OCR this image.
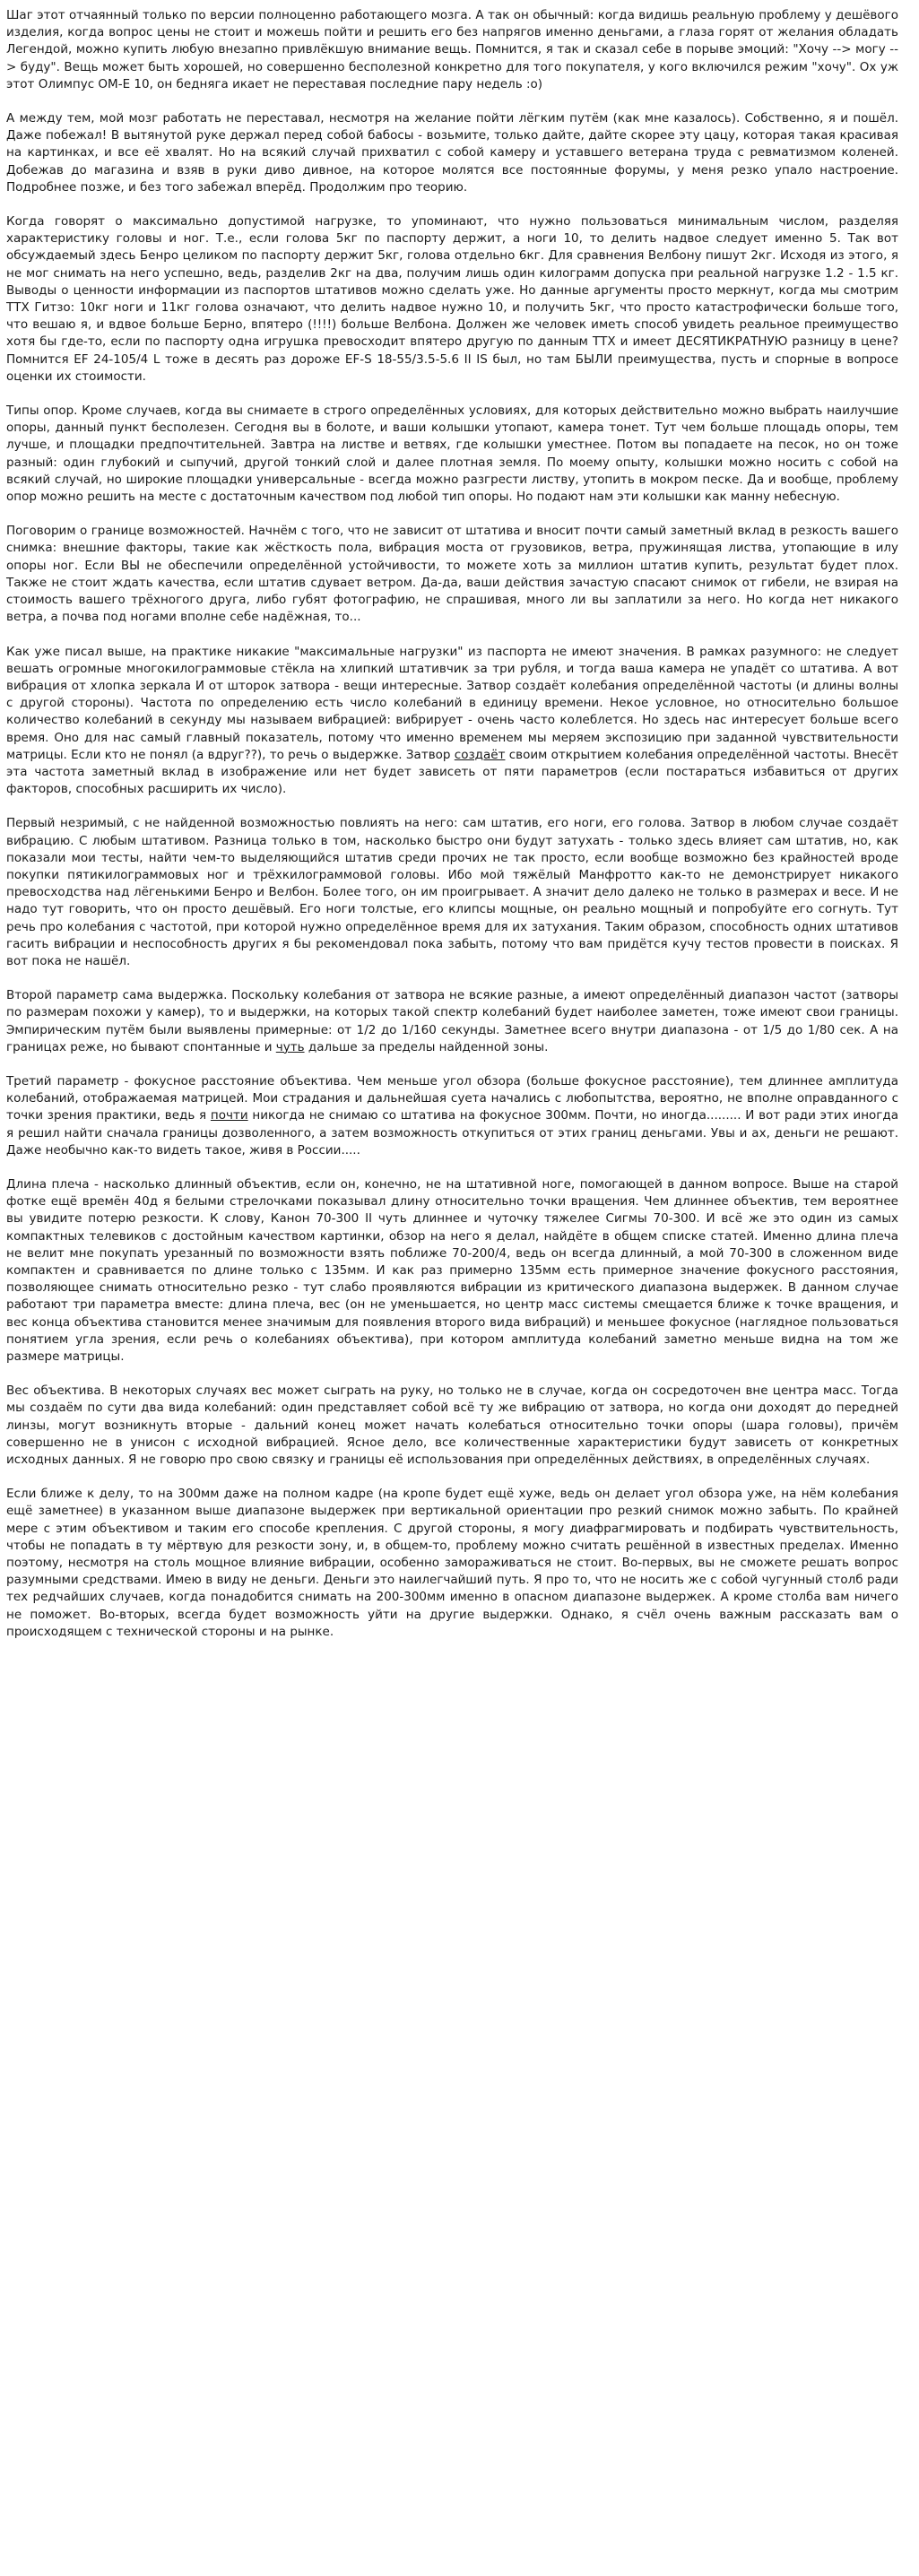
Шаг этот отчаянный только по версии полноценно работающего мозга. А так он обычный: когда видишь реальную проблему у дешёвого изделия, когда вопрос цены не стоит и можешь пойти и решить его без напрягов именно деньгами, а глаза горят от желания обладать Легендой, можно купить любую внезапно привлёкшую внимание вещь. Помнится, я так и сказал себе в порыве эмоций: "Хочу --> могу --> буду". Вещь может быть хорошей, но совершенно бесполезной конкретно для того покупателя, у кого включился режим "хочу". Ох уж этот Олимпус ОМ-Е 10, он бедняга икает не переставая последние пару недель :o)

А между тем, мой мозг работать не переставал, несмотря на желание пойти лёгким путём (как мне казалось). Собственно, я и пошёл. Даже побежал! В вытянутой руке держал перед собой бабосы - возьмите, только дайте, дайте скорее эту цацу, которая такая красивая на картинках, и все её хвалят. Но на всякий случай прихватил с собой камеру и уставшего ветерана труда с ревматизмом коленей. Добежав до магазина и взяв в руки диво дивное, на которое молятся все постоянные форумы, у меня резко упало настроение. Подробнее позже, и без того забежал вперёд. Продолжим про теорию.

Когда говорят о максимально допустимой нагрузке, то упоминают, что нужно пользоваться минимальным числом, разделяя характеристику головы и ног. Т.е., если голова 5кг по паспорту держит, а ноги 10, то делить надвое следует именно 5. Так вот обсуждаемый здесь Бенро целиком по паспорту держит 5кг, голова отдельно 6кг. Для сравнения Велбону пишут 2кг. Исходя из этого, я не мог снимать на него успешно, ведь, разделив 2кг на два, получим лишь один килограмм допуска при реальной нагрузке 1.2 - 1.5 кг. Выводы о ценности информации из паспортов штативов можно сделать уже. Но данные аргументы просто меркнут, когда мы смотрим ТТХ Гитзо: 10кг ноги и 11кг голова означают, что делить надвое нужно 10, и получить 5кг, что просто катастрофически больше того, что вешаю я, и вдвое больше Берно, впятеро (!!!!) больше Велбона. Должен же человек иметь способ увидеть реальное преимущество хотя бы где-то, если по паспорту одна игрушка превосходит впятеро другую по данным ТТХ и имеет ДЕСЯТИКРАТНУЮ разницу в цене? Помнится EF 24-105/4 L тоже в десять раз дороже EF-S 18-55/3.5-5.6 II IS был, но там БЫЛИ преимущества, пусть и спорные в вопросе оценки их стоимости.

Типы опор. Кроме случаев, когда вы снимаете в строго определённых условиях, для которых действительно можно выбрать наилучшие опоры, данный пункт бесполезен. Сегодня вы в болоте, и ваши колышки утопают, камера тонет. Тут чем больше площадь опоры, тем лучше, и площадки предпочтительней. Завтра на листве и ветвях, где колышки уместнее. Потом вы попадаете на песок, но он тоже разный: один глубокий и сыпучий, другой тонкий слой и далее плотная земля. По моему опыту, колышки можно носить с собой на всякий случай, но широкие площадки универсальные - всегда можно разгрести листву, утопить в мокром песке. Да и вообще, проблему опор можно решить на месте с достаточным качеством под любой тип опоры. Но подают нам эти колышки как манну небесную.

Поговорим о границе возможностей. Начнём с того, что не зависит от штатива и вносит почти самый заметный вклад в резкость вашего снимка: внешние факторы, такие как жёсткость пола, вибрация моста от грузовиков, ветра, пружинящая листва, утопающие в илу опоры ног. Если ВЫ не обеспечили определённой устойчивости, то можете хоть за миллион штатив купить, результат будет плох. Также не стоит ждать качества, если штатив сдувает ветром. Да-да, ваши действия зачастую спасают снимок от гибели, не взирая на стоимость вашего трёхногого друга, либо губят фотографию, не спрашивая, много ли вы заплатили за него. Но когда нет никакого ветра, а почва под ногами вполне себе надёжная, то...

Как уже писал выше, на практике никакие "максимальные нагрузки" из паспорта не имеют значения. В рамках разумного: не следует вешать огромные многокилограммовые стёкла на хлипкий штативчик за три рубля, и тогда ваша камера не упадёт со штатива. А вот вибрация от хлопка зеркала И от шторок затвора - вещи интересные. Затвор создаёт колебания определённой частоты (и длины волны с другой стороны). Частота по определению есть число колебаний в единицу времени. Некое условное, но относительно большое количество колебаний в секунду мы называем вибрацией: вибрирует - очень часто колеблется. Но здесь нас интересует больше всего время. Оно для нас самый главный показатель, потому что именно временем мы меряем экспозицию при заданной чувствительности матрицы. Если кто не понял (а вдруг??), то речь о выдержке. Затвор создаёт своим открытием колебания определённой частоты. Внесёт эта частота заметный вклад в изображение или нет будет зависеть от пяти параметров (если постараться избавиться от других факторов, способных расширить их число).

Первый незримый, с не найденной возможностью повлиять на него: сам штатив, его ноги, его голова. Затвор в любом случае создаёт вибрацию. С любым штативом. Разница только в том, насколько быстро они будут затухать - только здесь влияет сам штатив, но, как показали мои тесты, найти чем-то выделяющийся штатив среди прочих не так просто, если вообще возможно без крайностей вроде покупки пятикилограммовых ног и трёхкилограммовой головы. Ибо мой тяжёлый Манфротто как-то не демонстрирует никакого превосходства над лёгенькими Бенро и Велбон. Более того, он им проигрывает. А значит дело далеко не только в размерах и весе. И не надо тут говорить, что он просто дешёвый. Его ноги толстые, его клипсы мощные, он реально мощный и попробуйте его согнуть. Тут речь про колебания с частотой, при которой нужно определённое время для их затухания. Таким образом, способность одних штативов гасить вибрации и неспособность других я бы рекомендовал пока забыть, потому что вам придётся кучу тестов провести в поисках. Я вот пока не нашёл.

Второй параметр сама выдержка. Поскольку колебания от затвора не всякие разные, а имеют определённый диапазон частот (затворы по размерам похожи у камер), то и выдержки, на которых такой спектр колебаний будет наиболее заметен, тоже имеют свои границы. Эмпирическим путём были выявлены примерные: от 1/2 до 1/160 секунды. Заметнее всего внутри диапазона - от 1/5 до 1/80 сек. А на границах реже, но бывают спонтанные и чуть дальше за пределы найденной зоны.

Третий параметр - фокусное расстояние объектива. Чем меньше угол обзора (больше фокусное расстояние), тем длиннее амплитуда колебаний, отображаемая матрицей. Мои страдания и дальнейшая суета начались с любопытства, вероятно, не вполне оправданного с точки зрения практики, ведь я почти никогда не снимаю со штатива на фокусное 300мм. Почти, но иногда......... И вот ради этих иногда я решил найти сначала границы дозволенного, а затем возможность откупиться от этих границ деньгами. Увы и ах, деньги не решают. Даже необычно как-то видеть такое, живя в России.....

Длина плеча - насколько длинный объектив, если он, конечно, не на штативной ноге, помогающей в данном вопросе. Выше на старой фотке ещё времён 40д я белыми стрелочками показывал длину относительно точки вращения. Чем длиннее объектив, тем вероятнее вы увидите потерю резкости. К слову, Канон 70-300 II чуть длиннее и чуточку тяжелее Сигмы 70-300. И всё же это один из самых компактных телевиков с достойным качеством картинки, обзор на него я делал, найдёте в общем списке статей. Именно длина плеча не велит мне покупать урезанный по возможности взять поближе 70-200/4, ведь он всегда длинный, а мой 70-300 в сложенном виде компактен и сравнивается по длине только с 135мм. И как раз примерно 135мм есть примерное значение фокусного расстояния, позволяющее снимать относительно резко - тут слабо проявляются вибрации из критического диапазона выдержек. В данном случае работают три параметра вместе: длина плеча, вес (он не уменьшается, но центр масс системы смещается ближе к точке вращения, и вес конца объектива становится менее значимым для появления второго вида вибраций) и меньшее фокусное (наглядное пользоваться понятием угла зрения, если речь о колебаниях объектива), при котором амплитуда колебаний заметно меньше видна на том же размере матрицы.

Вес объектива. В некоторых случаях вес может сыграть на руку, но только не в случае, когда он сосредоточен вне центра масс. Тогда мы создаём по сути два вида колебаний: один представляет собой всё ту же вибрацию от затвора, но когда они доходят до передней линзы, могут возникнуть вторые - дальний конец может начать колебаться относительно точки опоры (шара головы), причём совершенно не в унисон с исходной вибрацией. Ясное дело, все количественные характеристики будут зависеть от конкретных исходных данных. Я не говорю про свою связку и границы её использования при определённых действиях, в определённых случаях.

Если ближе к делу, то на 300мм даже на полном кадре (на кропе будет ещё хуже, ведь он делает угол обзора уже, на нём колебания ещё заметнее) в указанном выше диапазоне выдержек при вертикальной ориентации про резкий снимок можно забыть. По крайней мере с этим объективом и таким его способе крепления. С другой стороны, я могу диафрагмировать и подбирать чувствительность, чтобы не попадать в ту мёртвую для резкости зону, и, в общем-то, проблему можно считать решённой в известных пределах. Именно поэтому, несмотря на столь мощное влияние вибрации, особенно замораживаться не стоит. Во-первых, вы не сможете решать вопрос разумными средствами. Имею в виду не деньги. Деньги это наилегчайший путь. Я про то, что не носить же с собой чугунный столб ради тех редчайших случаев, когда понадобится снимать на 200-300мм именно в опасном диапазоне выдержек. А кроме столба вам ничего не поможет. Во-вторых, всегда будет возможность уйти на другие выдержки. Однако, я счёл очень важным рассказать вам о происходящем с технической стороны и на рынке.
